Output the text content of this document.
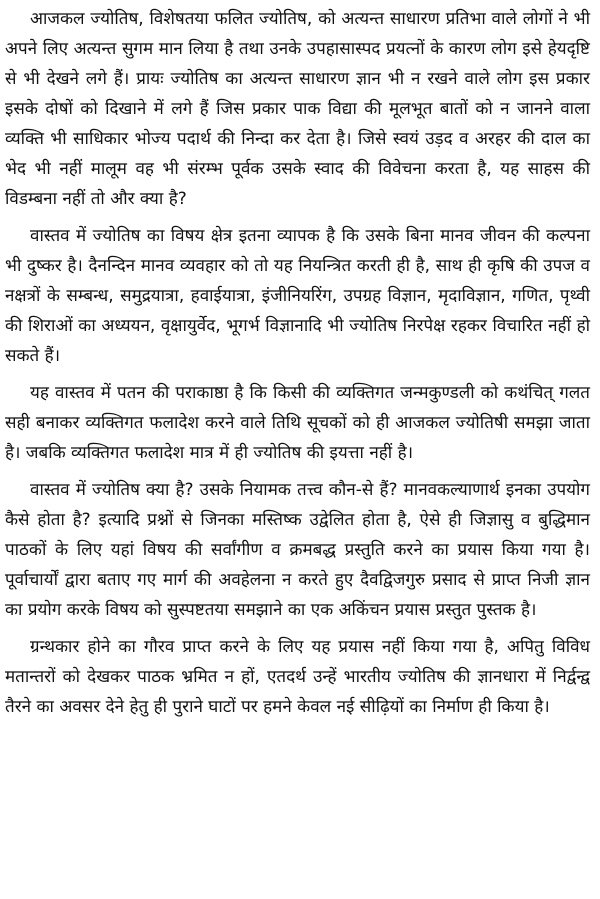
आजकल ज्योतिष, विशेषतया फलित ज्योतिष, को अत्यन्त साधारण प्रतिभा वाले लोगों ने भी अपने लिए अत्यन्त सुगम मान लिया है तथा उनके उपहासास्पद प्रयत्नों के कारण लोग इसे हेयदृष्टि से भी देखने लगे हैं। प्रायः ज्योतिष का अत्यन्त साधारण ज्ञान भी न रखने वाले लोग इस प्रकार इसके दोषों को दिखाने में लगे हैं जिस प्रकार पाक विद्या की मूलभूत बातों को न जानने वाला व्यक्ति भी साधिकार भोज्य पदार्थ की निन्दा कर देता है। जिसे स्वयं उड़द व अरहर की दाल का भेद भी नहीं मालूम वह भी संरम्भ पूर्वक उसके स्वाद की विवेचना करता है, यह साहस की विडम्बना नहीं तो और क्या है?

वास्तव में ज्योतिष का विषय क्षेत्र इतना व्यापक है कि उसके बिना मानव जीवन की कल्पना भी दुष्कर है। दैनन्दिन मानव व्यवहार को तो यह नियन्त्रित करती ही है, साथ ही कृषि की उपज व नक्षत्रों के सम्बन्ध, समुद्रयात्रा, हवाईयात्रा, इंजीनियरिंग, उपग्रह विज्ञान, मृदाविज्ञान, गणित, पृथ्वी की शिराओं का अध्ययन, वृक्षायुर्वेद, भूगर्भ विज्ञानादि भी ज्योतिष निरपेक्ष रहकर विचारित नहीं हो सकते हैं।

यह वास्तव में पतन की पराकाष्ठा है कि किसी की व्यक्तिगत जन्मकुण्डली को कथंचित् गलत सही बनाकर व्यक्तिगत फलादेश करने वाले तिथि सूचकों को ही आजकल ज्योतिषी समझा जाता है। जबकि व्यक्तिगत फलादेश मात्र में ही ज्योतिष की इयत्ता नहीं है।

वास्तव में ज्योतिष क्या है? उसके नियामक तत्त्व कौन-से हैं? मानवकल्याणार्थ इनका उपयोग कैसे होता है? इत्यादि प्रश्नों से जिनका मस्तिष्क उद्वेलित होता है, ऐसे ही जिज्ञासु व बुद्धिमान पाठकों के लिए यहां विषय की सर्वांगीण व क्रमबद्ध प्रस्तुति करने का प्रयास किया गया है। पूर्वाचार्यों द्वारा बताए गए मार्ग की अवहेलना न करते हुए दैवद्विजगुरु प्रसाद से प्राप्त निजी ज्ञान का प्रयोग करके विषय को सुस्पष्टतया समझाने का एक अकिंचन प्रयास प्रस्तुत पुस्तक है।

ग्रन्थकार होने का गौरव प्राप्त करने के लिए यह प्रयास नहीं किया गया है, अपितु विविध मतान्तरों को देखकर पाठक भ्रमित न हों, एतदर्थ उन्हें भारतीय ज्योतिष की ज्ञानधारा में निर्द्वन्द्व तैरने का अवसर देने हेतु ही पुराने घाटों पर हमने केवल नई सीढ़ियों का निर्माण ही किया है।
